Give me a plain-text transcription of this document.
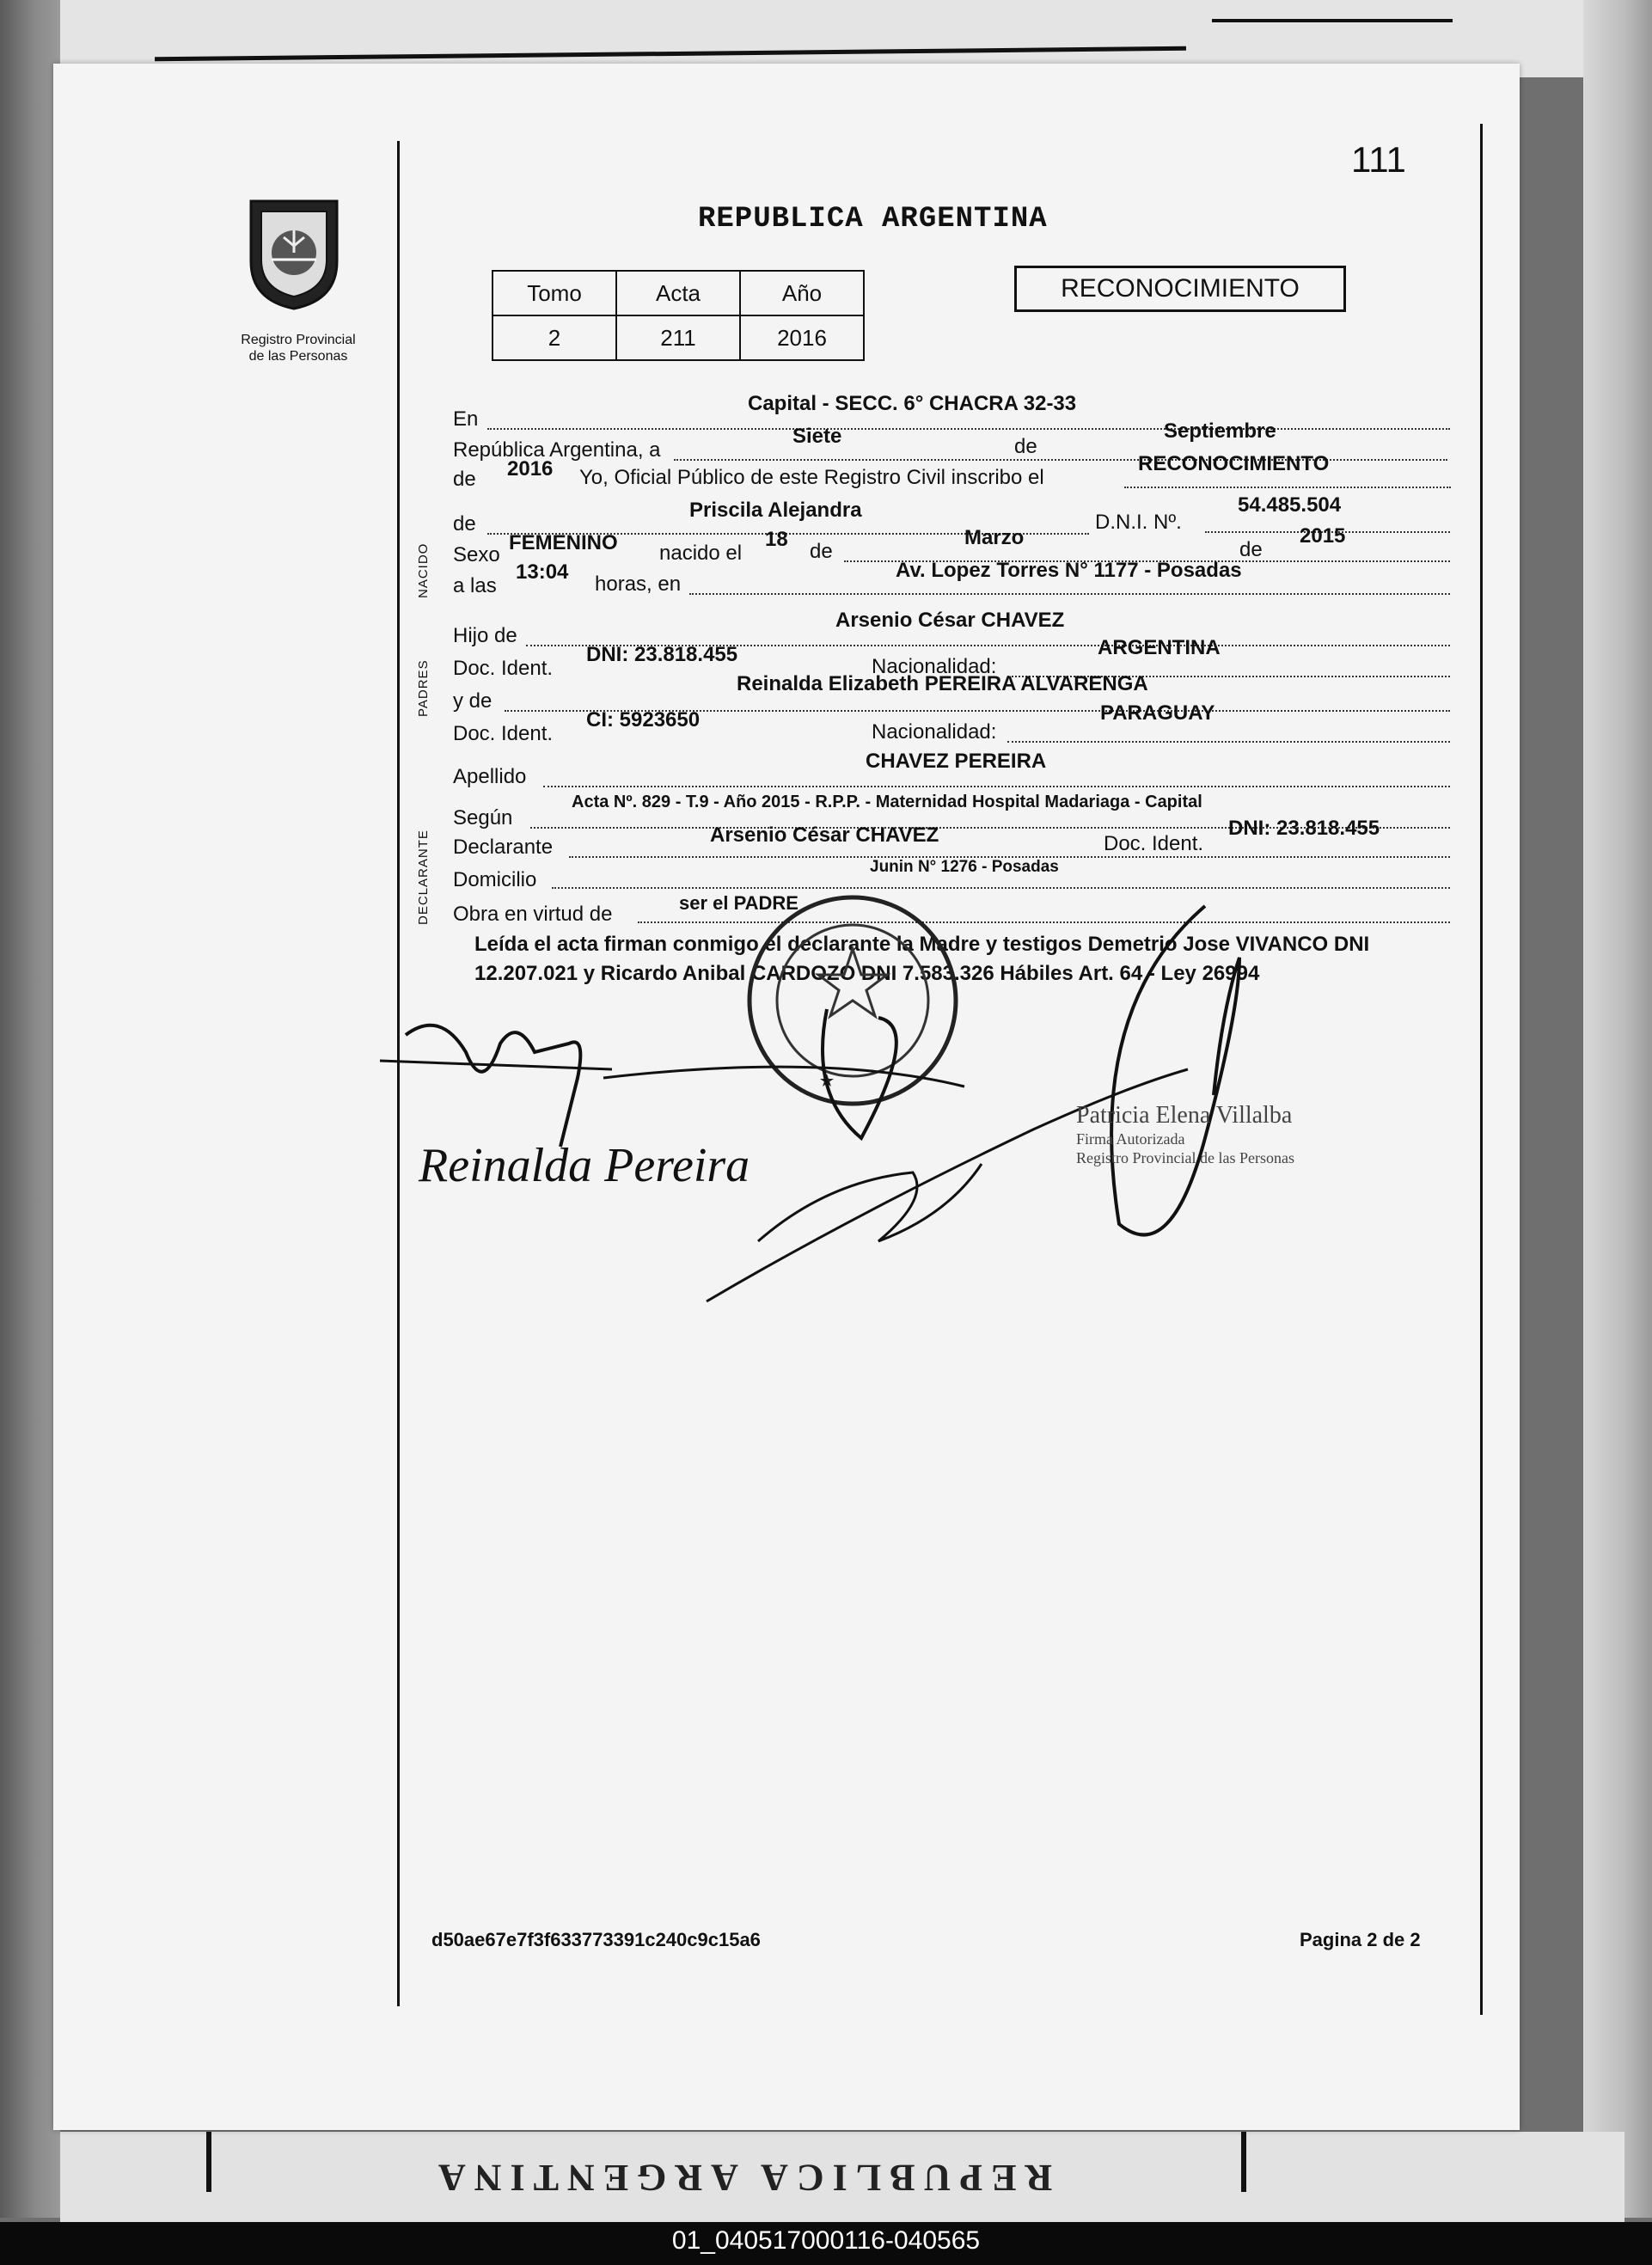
REPUBLICA ARGENTINA
01_040517000116-040565
111
Registro Provincial
de las Personas
REPUBLICA ARGENTINA
Tomo	Acta	Año
2	211	2016
RECONOCIMIENTO
En
Capital - SECC. 6° CHACRA 32-33
República Argentina, a
Siete	de
Septiembre
de 2016 Yo, Oficial Público de este Registro Civil inscribo el
RECONOCIMIENTO
NACIDO
de
Priscila Alejandra
D.N.I. Nº.
54.485.504
Sexo
FEMENINO nacido el
18
de
Marzo
de
2015
a las
13:04
horas, en
Av. Lopez Torres N° 1177 - Posadas
PADRES
Hijo de
Arsenio César CHAVEZ
Doc. Ident.
DNI: 23.818.455
Nacionalidad:
ARGENTINA
y de
Reinalda Elizabeth PEREIRA ALVARENGA
Doc. Ident.
CI: 5923650
Nacionalidad:
PARAGUAY
Apellido
CHAVEZ PEREIRA
DECLARANTE
Según
Acta Nº. 829 - T.9 - Año 2015 - R.P.P. - Maternidad Hospital Madariaga - Capital
Declarante
Arsenio César CHAVEZ	Doc. Ident.
DNI: 23.818.455
Domicilio
Junin N° 1276 - Posadas
Obra en virtud de	ser el PADRE
Leída el acta firman conmigo el declarante la Madre y testigos Demetrio Jose VIVANCO DNI 12.207.021 y Ricardo Anibal CARDOZO DNI 7.583.326 Hábiles Art. 64 - Ley 26994
Reinalda Pereira
Patricia Elena Villalba
Firma Autorizada
Registro Provincial de las Personas
d50ae67e7f3f633773391c240c9c15a6	Pagina 2 de 2
